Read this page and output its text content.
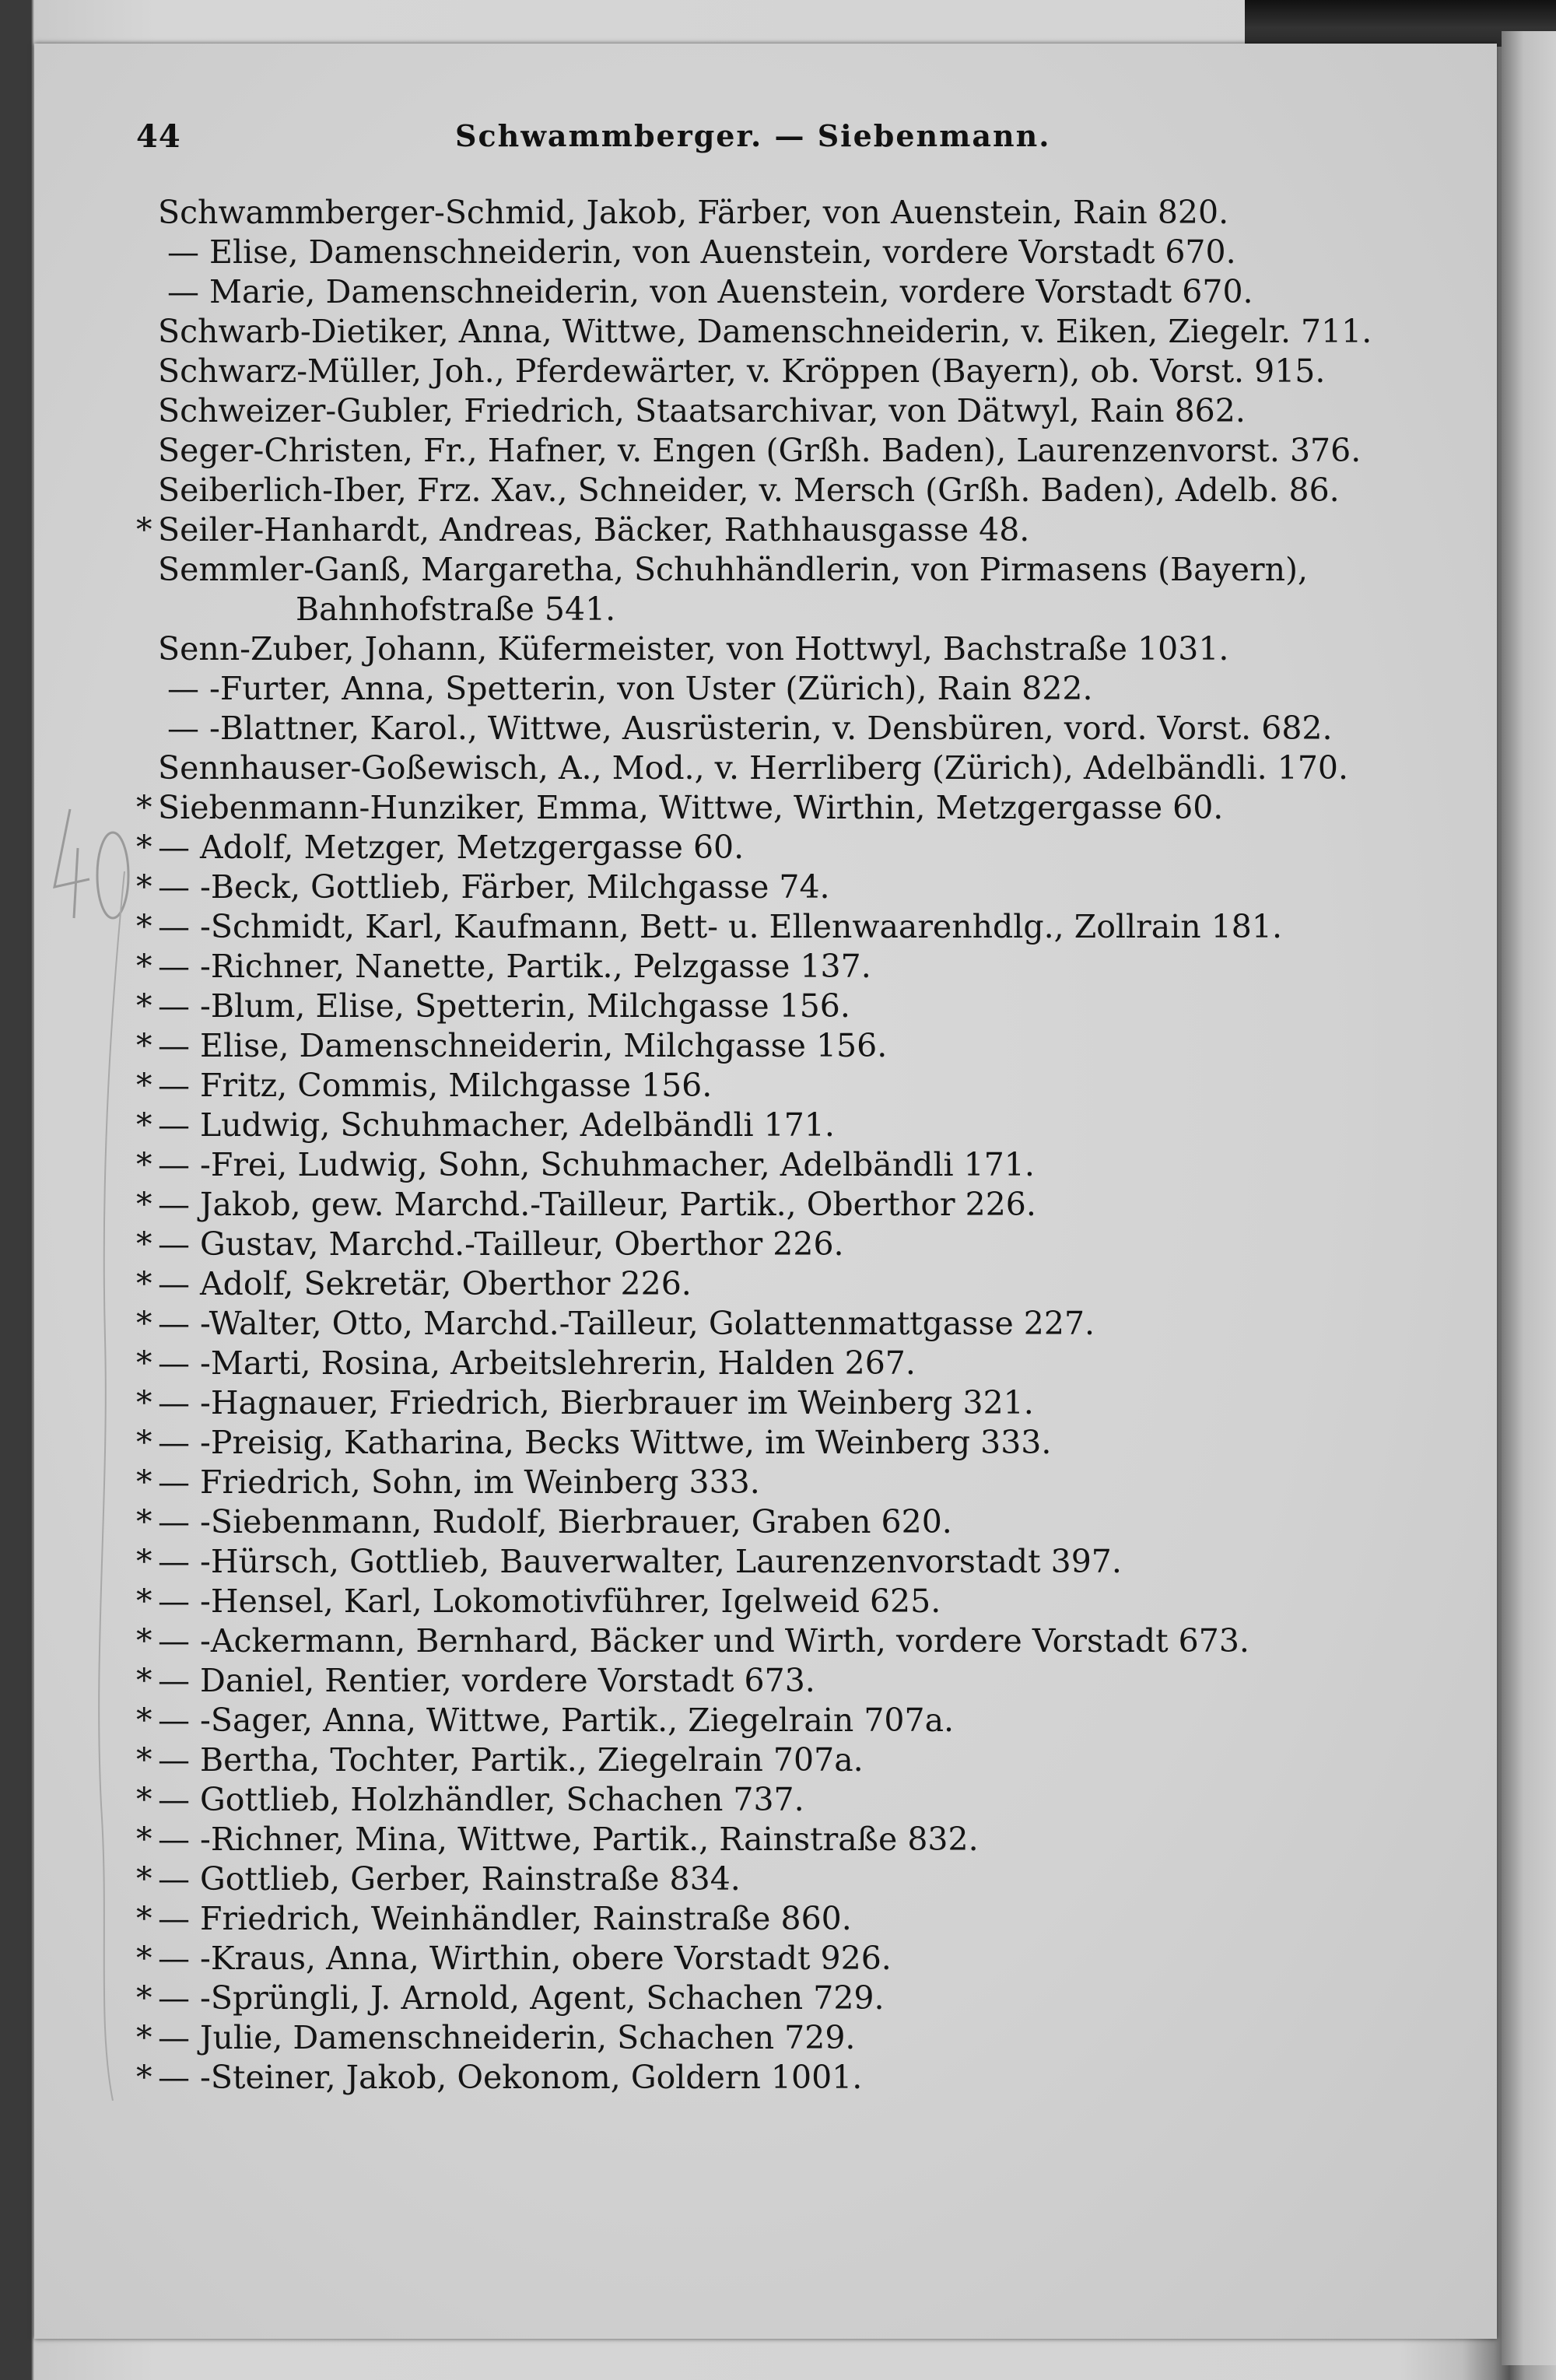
44	Schwammberger. — Siebenmann.
Schwammberger-Schmid, Jakob, Färber, von Auenstein, Rain 820.
— Elise, Damenschneiderin, von Auenstein, vordere Vorstadt 670.
— Marie, Damenschneiderin, von Auenstein, vordere Vorstadt 670.
Schwarb-Dietiker, Anna, Wittwe, Damenschneiderin, v. Eiken, Ziegelr. 711.
Schwarz-Müller, Joh., Pferdewärter, v. Kröppen (Bayern), ob. Vorst. 915.
Schweizer-Gubler, Friedrich, Staatsarchivar, von Dätwyl, Rain 862.
Seger-Christen, Fr., Hafner, v. Engen (Grßh. Baden), Laurenzenvorst. 376.
Seiberlich-Iber, Frz. Xav., Schneider, v. Mersch (Grßh. Baden), Adelb. 86.
* Seiler-Hanhardt, Andreas, Bäcker, Rathhausgasse 48.
Semmler-Ganß, Margaretha, Schuhhändlerin, von Pirmasens (Bayern),
Bahnhofstraße 541.
Senn-Zuber, Johann, Küfermeister, von Hottwyl, Bachstraße 1031.
— -Furter, Anna, Spetterin, von Uster (Zürich), Rain 822.
— -Blattner, Karol., Wittwe, Ausrüsterin, v. Densbüren, vord. Vorst. 682.
Sennhauser-Goßewisch, A., Mod., v. Herrliberg (Zürich), Adelbändli. 170.
* Siebenmann-Hunziker, Emma, Wittwe, Wirthin, Metzgergasse 60.
* — Adolf, Metzger, Metzgergasse 60.
* — -Beck, Gottlieb, Färber, Milchgasse 74.
* — -Schmidt, Karl, Kaufmann, Bett- u. Ellenwaarenhdlg., Zollrain 181.
* — -Richner, Nanette, Partik., Pelzgasse 137.
* — -Blum, Elise, Spetterin, Milchgasse 156.
* — Elise, Damenschneiderin, Milchgasse 156.
* — Fritz, Commis, Milchgasse 156.
* — Ludwig, Schuhmacher, Adelbändli 171.
* — -Frei, Ludwig, Sohn, Schuhmacher, Adelbändli 171.
* — Jakob, gew. Marchd.-Tailleur, Partik., Oberthor 226.
* — Gustav, Marchd.-Tailleur, Oberthor 226.
* — Adolf, Sekretär, Oberthor 226.
* — -Walter, Otto, Marchd.-Tailleur, Golattenmattgasse 227.
* — -Marti, Rosina, Arbeitslehrerin, Halden 267.
* — -Hagnauer, Friedrich, Bierbrauer im Weinberg 321.
* — -Preisig, Katharina, Becks Wittwe, im Weinberg 333.
* — Friedrich, Sohn, im Weinberg 333.
* — -Siebenmann, Rudolf, Bierbrauer, Graben 620.
* — -Hürsch, Gottlieb, Bauverwalter, Laurenzenvorstadt 397.
* — -Hensel, Karl, Lokomotivführer, Igelweid 625.
* — -Ackermann, Bernhard, Bäcker und Wirth, vordere Vorstadt 673.
* — Daniel, Rentier, vordere Vorstadt 673.
* — -Sager, Anna, Wittwe, Partik., Ziegelrain 707a.
* — Bertha, Tochter, Partik., Ziegelrain 707a.
* — Gottlieb, Holzhändler, Schachen 737.
* — -Richner, Mina, Wittwe, Partik., Rainstraße 832.
* — Gottlieb, Gerber, Rainstraße 834.
* — Friedrich, Weinhändler, Rainstraße 860.
* — -Kraus, Anna, Wirthin, obere Vorstadt 926.
* — -Sprüngli, J. Arnold, Agent, Schachen 729.
* — Julie, Damenschneiderin, Schachen 729.
* — -Steiner, Jakob, Oekonom, Goldern 1001.
